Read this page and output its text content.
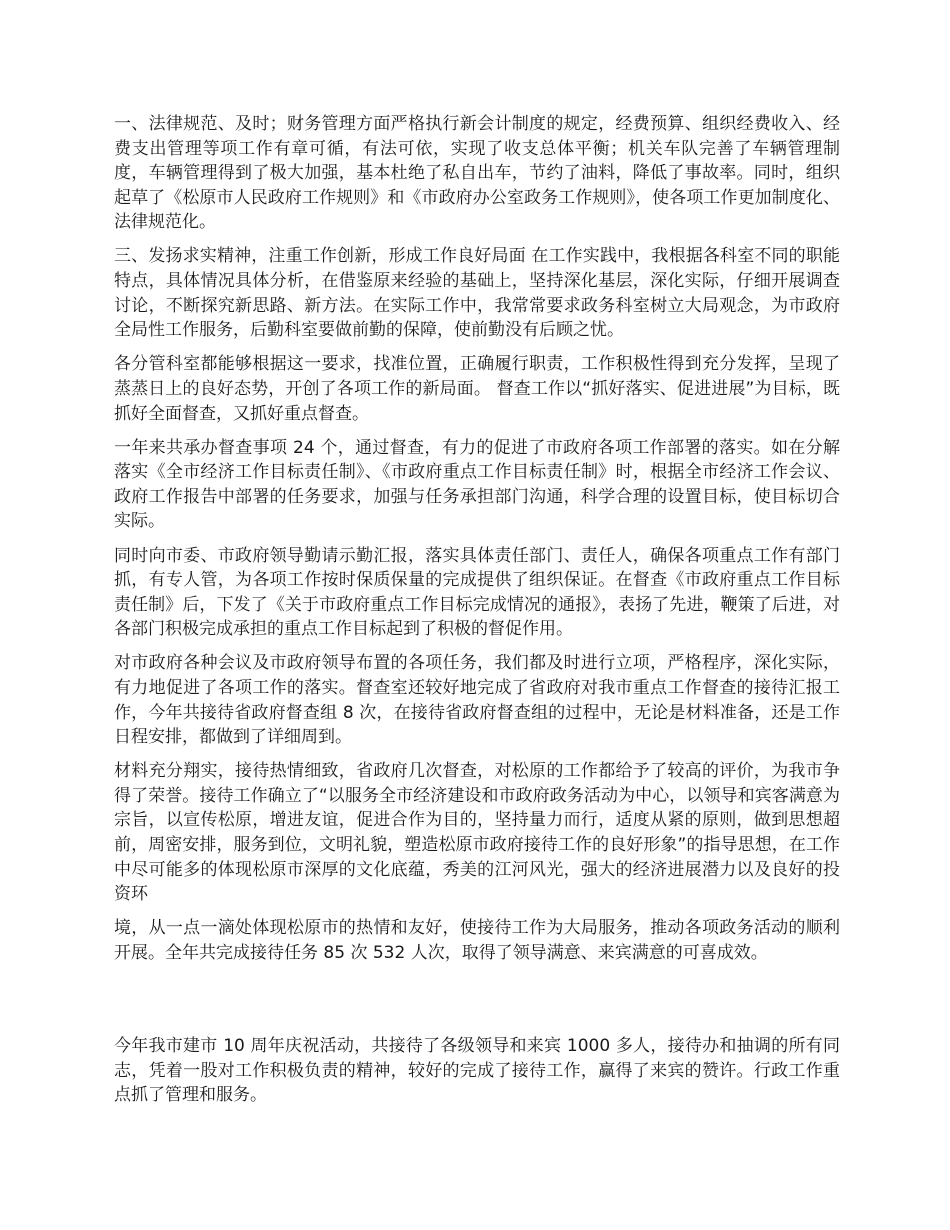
一、法律规范、及时；财务管理方面严格执行新会计制度的规定，经费预算、组织经费收入、经费支出管理等项工作有章可循，有法可依，实现了收支总体平衡；机关车队完善了车辆管理制度，车辆管理得到了极大加强，基本杜绝了私自出车，节约了油料，降低了事故率。同时，组织起草了《松原市人民政府工作规则》和《市政府办公室政务工作规则》，使各项工作更加制度化、法律规范化。

三、发扬求实精神，注重工作创新，形成工作良好局面 在工作实践中，我根据各科室不同的职能特点，具体情况具体分析，在借鉴原来经验的基础上，坚持深化基层，深化实际，仔细开展调查讨论，不断探究新思路、新方法。在实际工作中，我常常要求政务科室树立大局观念，为市政府全局性工作服务，后勤科室要做前勤的保障，使前勤没有后顾之忧。

各分管科室都能够根据这一要求，找准位置，正确履行职责，工作积极性得到充分发挥，呈现了蒸蒸日上的良好态势，开创了各项工作的新局面。 督查工作以“抓好落实、促进进展”为目标，既抓好全面督查，又抓好重点督查。

一年来共承办督查事项 24 个，通过督查，有力的促进了市政府各项工作部署的落实。如在分解落实《全市经济工作目标责任制》、《市政府重点工作目标责任制》时，根据全市经济工作会议、政府工作报告中部署的任务要求，加强与任务承担部门沟通，科学合理的设置目标，使目标切合实际。

同时向市委、市政府领导勤请示勤汇报，落实具体责任部门、责任人，确保各项重点工作有部门抓，有专人管，为各项工作按时保质保量的完成提供了组织保证。在督查《市政府重点工作目标责任制》后，下发了《关于市政府重点工作目标完成情况的通报》，表扬了先进，鞭策了后进，对各部门积极完成承担的重点工作目标起到了积极的督促作用。

对市政府各种会议及市政府领导布置的各项任务，我们都及时进行立项，严格程序，深化实际，有力地促进了各项工作的落实。督查室还较好地完成了省政府对我市重点工作督查的接待汇报工作，今年共接待省政府督查组 8 次，在接待省政府督查组的过程中，无论是材料准备，还是工作日程安排，都做到了详细周到。

材料充分翔实，接待热情细致，省政府几次督查，对松原的工作都给予了较高的评价，为我市争得了荣誉。接待工作确立了“以服务全市经济建设和市政府政务活动为中心，以领导和宾客满意为宗旨，以宣传松原，增进友谊，促进合作为目的，坚持量力而行，适度从紧的原则，做到思想超前，周密安排，服务到位，文明礼貌，塑造松原市政府接待工作的良好形象”的指导思想，在工作中尽可能多的体现松原市深厚的文化底蕴，秀美的江河风光，强大的经济进展潜力以及良好的投资环

境，从一点一滴处体现松原市的热情和友好，使接待工作为大局服务，推动各项政务活动的顺利开展。全年共完成接待任务 85 次 532 人次，取得了领导满意、来宾满意的可喜成效。

今年我市建市 10 周年庆祝活动，共接待了各级领导和来宾 1000 多人，接待办和抽调的所有同志，凭着一股对工作积极负责的精神，较好的完成了接待工作，赢得了来宾的赞许。行政工作重点抓了管理和服务。
